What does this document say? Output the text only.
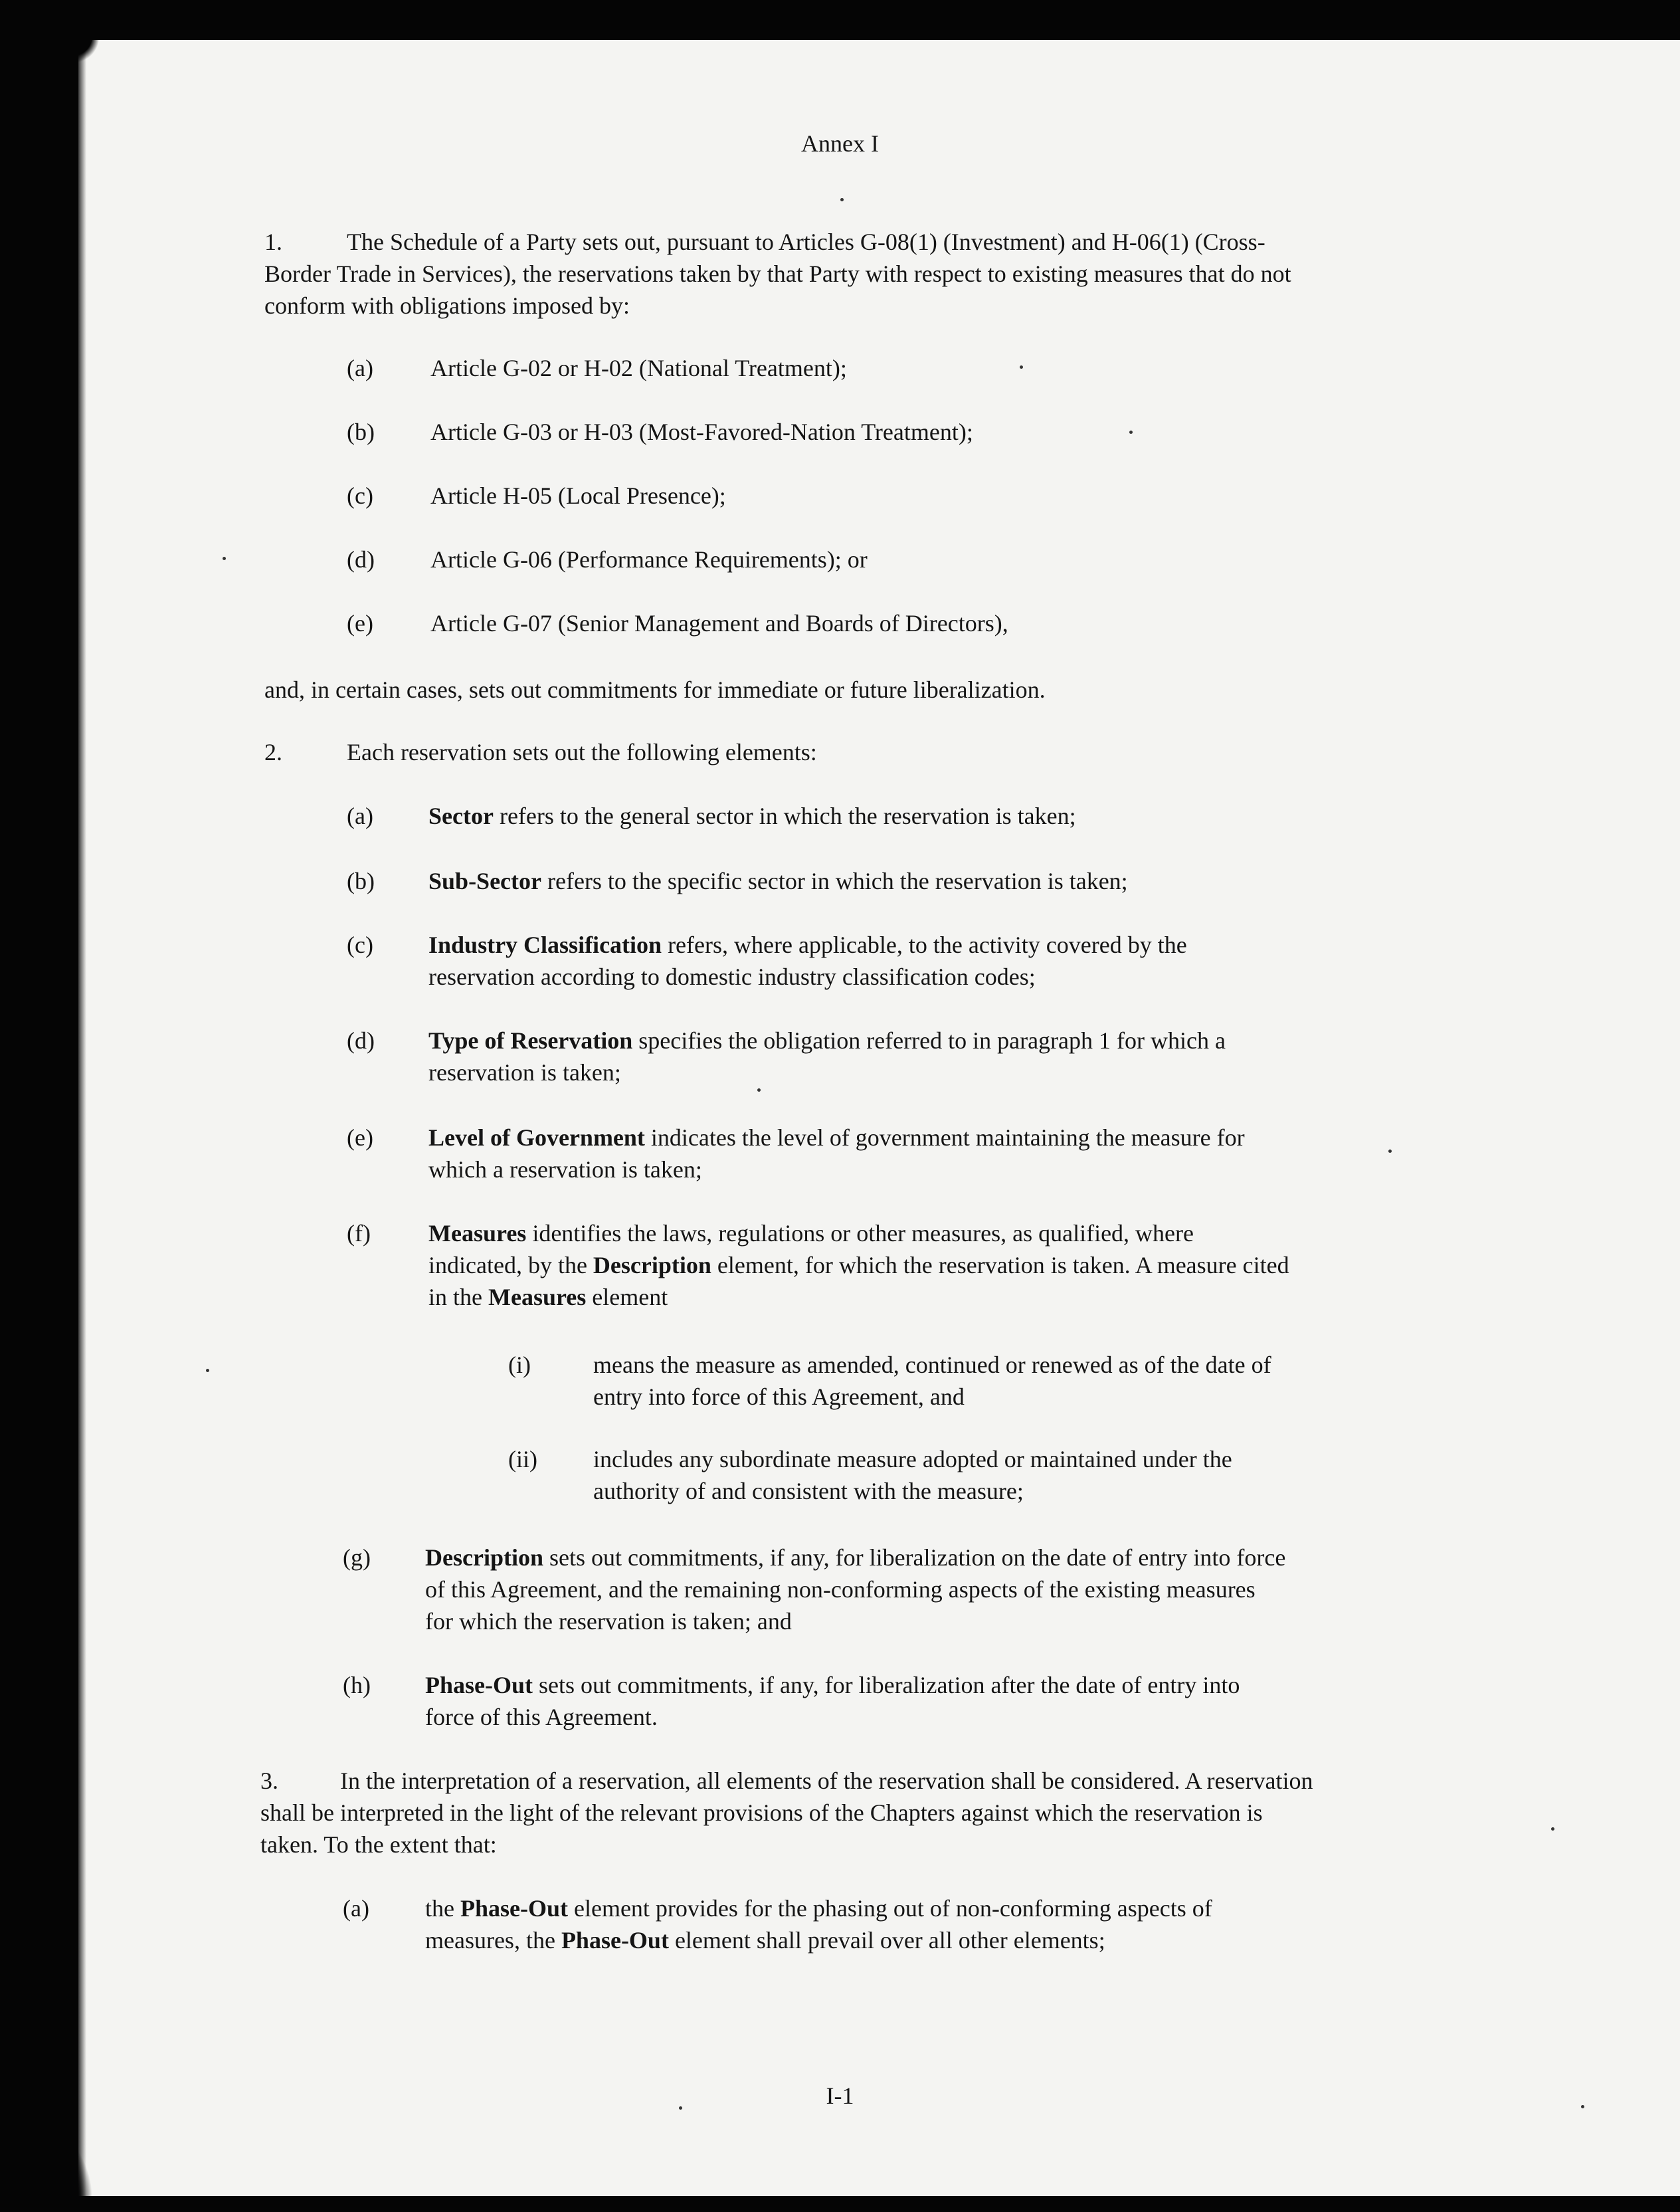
Annex I
1.	The Schedule of a Party sets out, pursuant to Articles G-08(1) (Investment) and H-06(1) (Cross-Border Trade in Services), the reservations taken by that Party with respect to existing measures that do not conform with obligations imposed by:
(a) Article G-02 or H-02 (National Treatment);
(b) Article G-03 or H-03 (Most-Favored-Nation Treatment);
(c) Article H-05 (Local Presence);
(d) Article G-06 (Performance Requirements); or
(e) Article G-07 (Senior Management and Boards of Directors),
and, in certain cases, sets out commitments for immediate or future liberalization.
2.	Each reservation sets out the following elements:
(a) Sector refers to the general sector in which the reservation is taken;
(b) Sub-Sector refers to the specific sector in which the reservation is taken;
(c) Industry Classification refers, where applicable, to the activity covered by the reservation according to domestic industry classification codes;
(d) Type of Reservation specifies the obligation referred to in paragraph 1 for which a reservation is taken;
(e) Level of Government indicates the level of government maintaining the measure for which a reservation is taken;
(f) Measures identifies the laws, regulations or other measures, as qualified, where indicated, by the Description element, for which the reservation is taken. A measure cited in the Measures element
(i)	means the measure as amended, continued or renewed as of the date of entry into force of this Agreement, and
(ii) includes any subordinate measure adopted or maintained under the authority of and consistent with the measure;
(g) Description sets out commitments, if any, for liberalization on the date of entry into force of this Agreement, and the remaining non-conforming aspects of the existing measures for which the reservation is taken; and
(h) Phase-Out sets out commitments, if any, for liberalization after the date of entry into force of this Agreement.
3.	In the interpretation of a reservation, all elements of the reservation shall be considered. A reservation shall be interpreted in the light of the relevant provisions of the Chapters against which the reservation is taken. To the extent that:
(a) the Phase-Out element provides for the phasing out of non-conforming aspects of measures, the Phase-Out element shall prevail over all other elements;
I-1
